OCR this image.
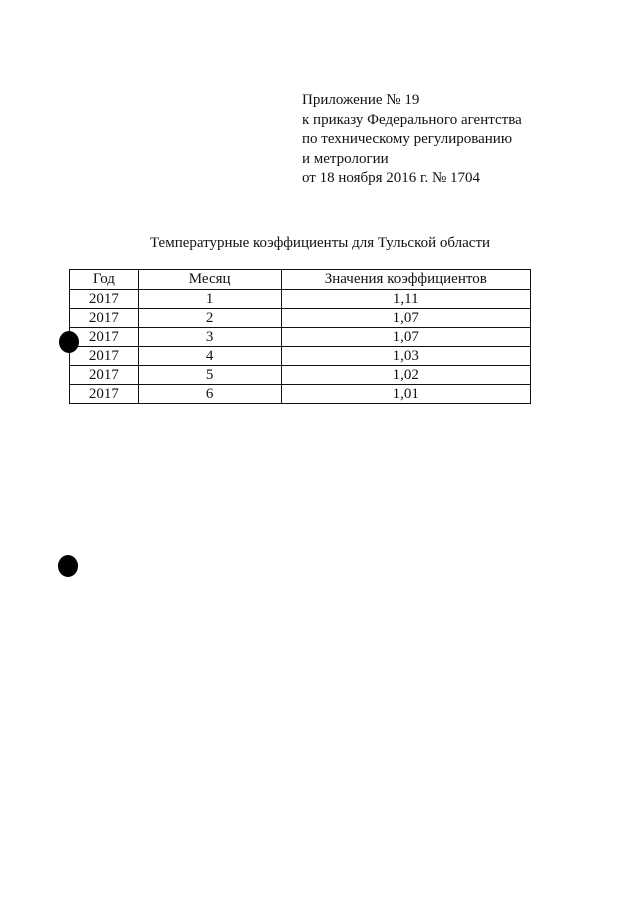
Приложение № 19
к приказу Федерального агентства
по техническому регулированию
и метрологии
от 18 ноября 2016 г. № 1704
Температурные коэффициенты для Тульской области
Год	Месяц	Значения коэффициентов
2017	1	1,11
2017	2	1,07
2017	3	1,07
2017	4	1,03
2017	5	1,02
2017	6	1,01
